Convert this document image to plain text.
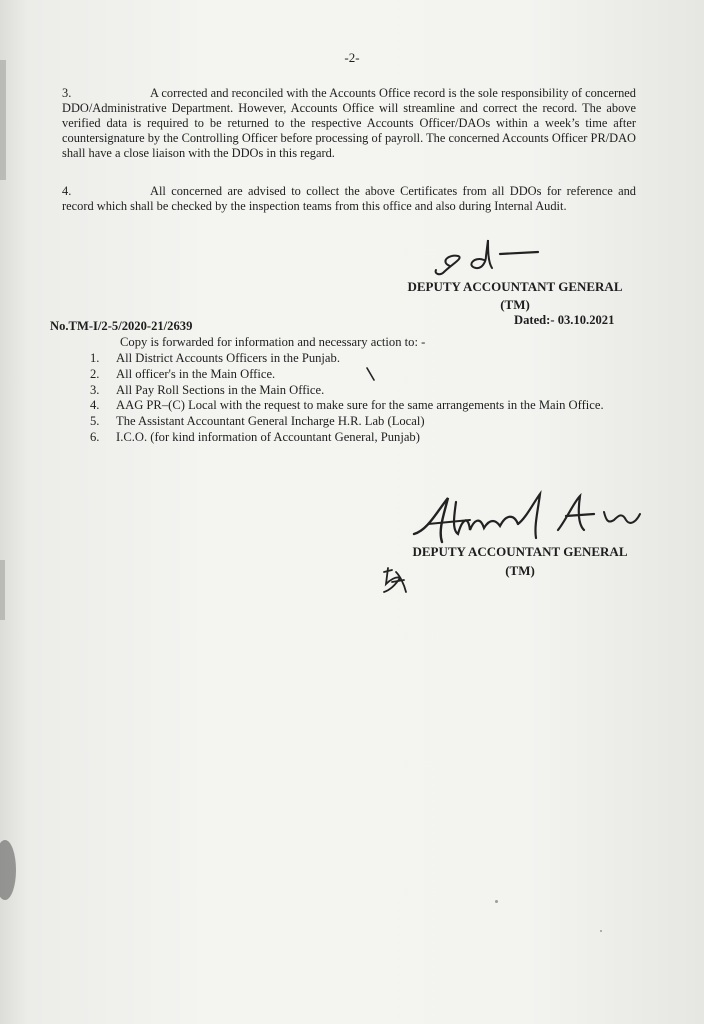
-2-
3.	A corrected and reconciled with the Accounts Office record is the sole responsibility of concerned DDO/Administrative Department. However, Accounts Office will streamline and correct the record. The above verified data is required to be returned to the respective Accounts Officer/DAOs within a week’s time after countersignature by the Controlling Officer before processing of payroll. The concerned Accounts Officer PR/DAO shall have a close liaison with the DDOs in this regard.
4.	All concerned are advised to collect the above Certificates from all DDOs for reference and record which shall be checked by the inspection teams from this office and also during Internal Audit.
DEPUTY ACCOUNTANT GENERAL
(TM)
No.TM-I/2-5/2020-21/2639	Dated:- 03.10.2021
Copy is forwarded for information and necessary action to: -
1. All District Accounts Officers in the Punjab.
2. All officer's in the Main Office.
3. All Pay Roll Sections in the Main Office.
4. AAG PR–(C) Local with the request to make sure for the same arrangements in the Main Office.
5. The Assistant Accountant General Incharge H.R. Lab (Local)
6. I.C.O. (for kind information of Accountant General, Punjab)
DEPUTY ACCOUNTANT GENERAL
(TM)
